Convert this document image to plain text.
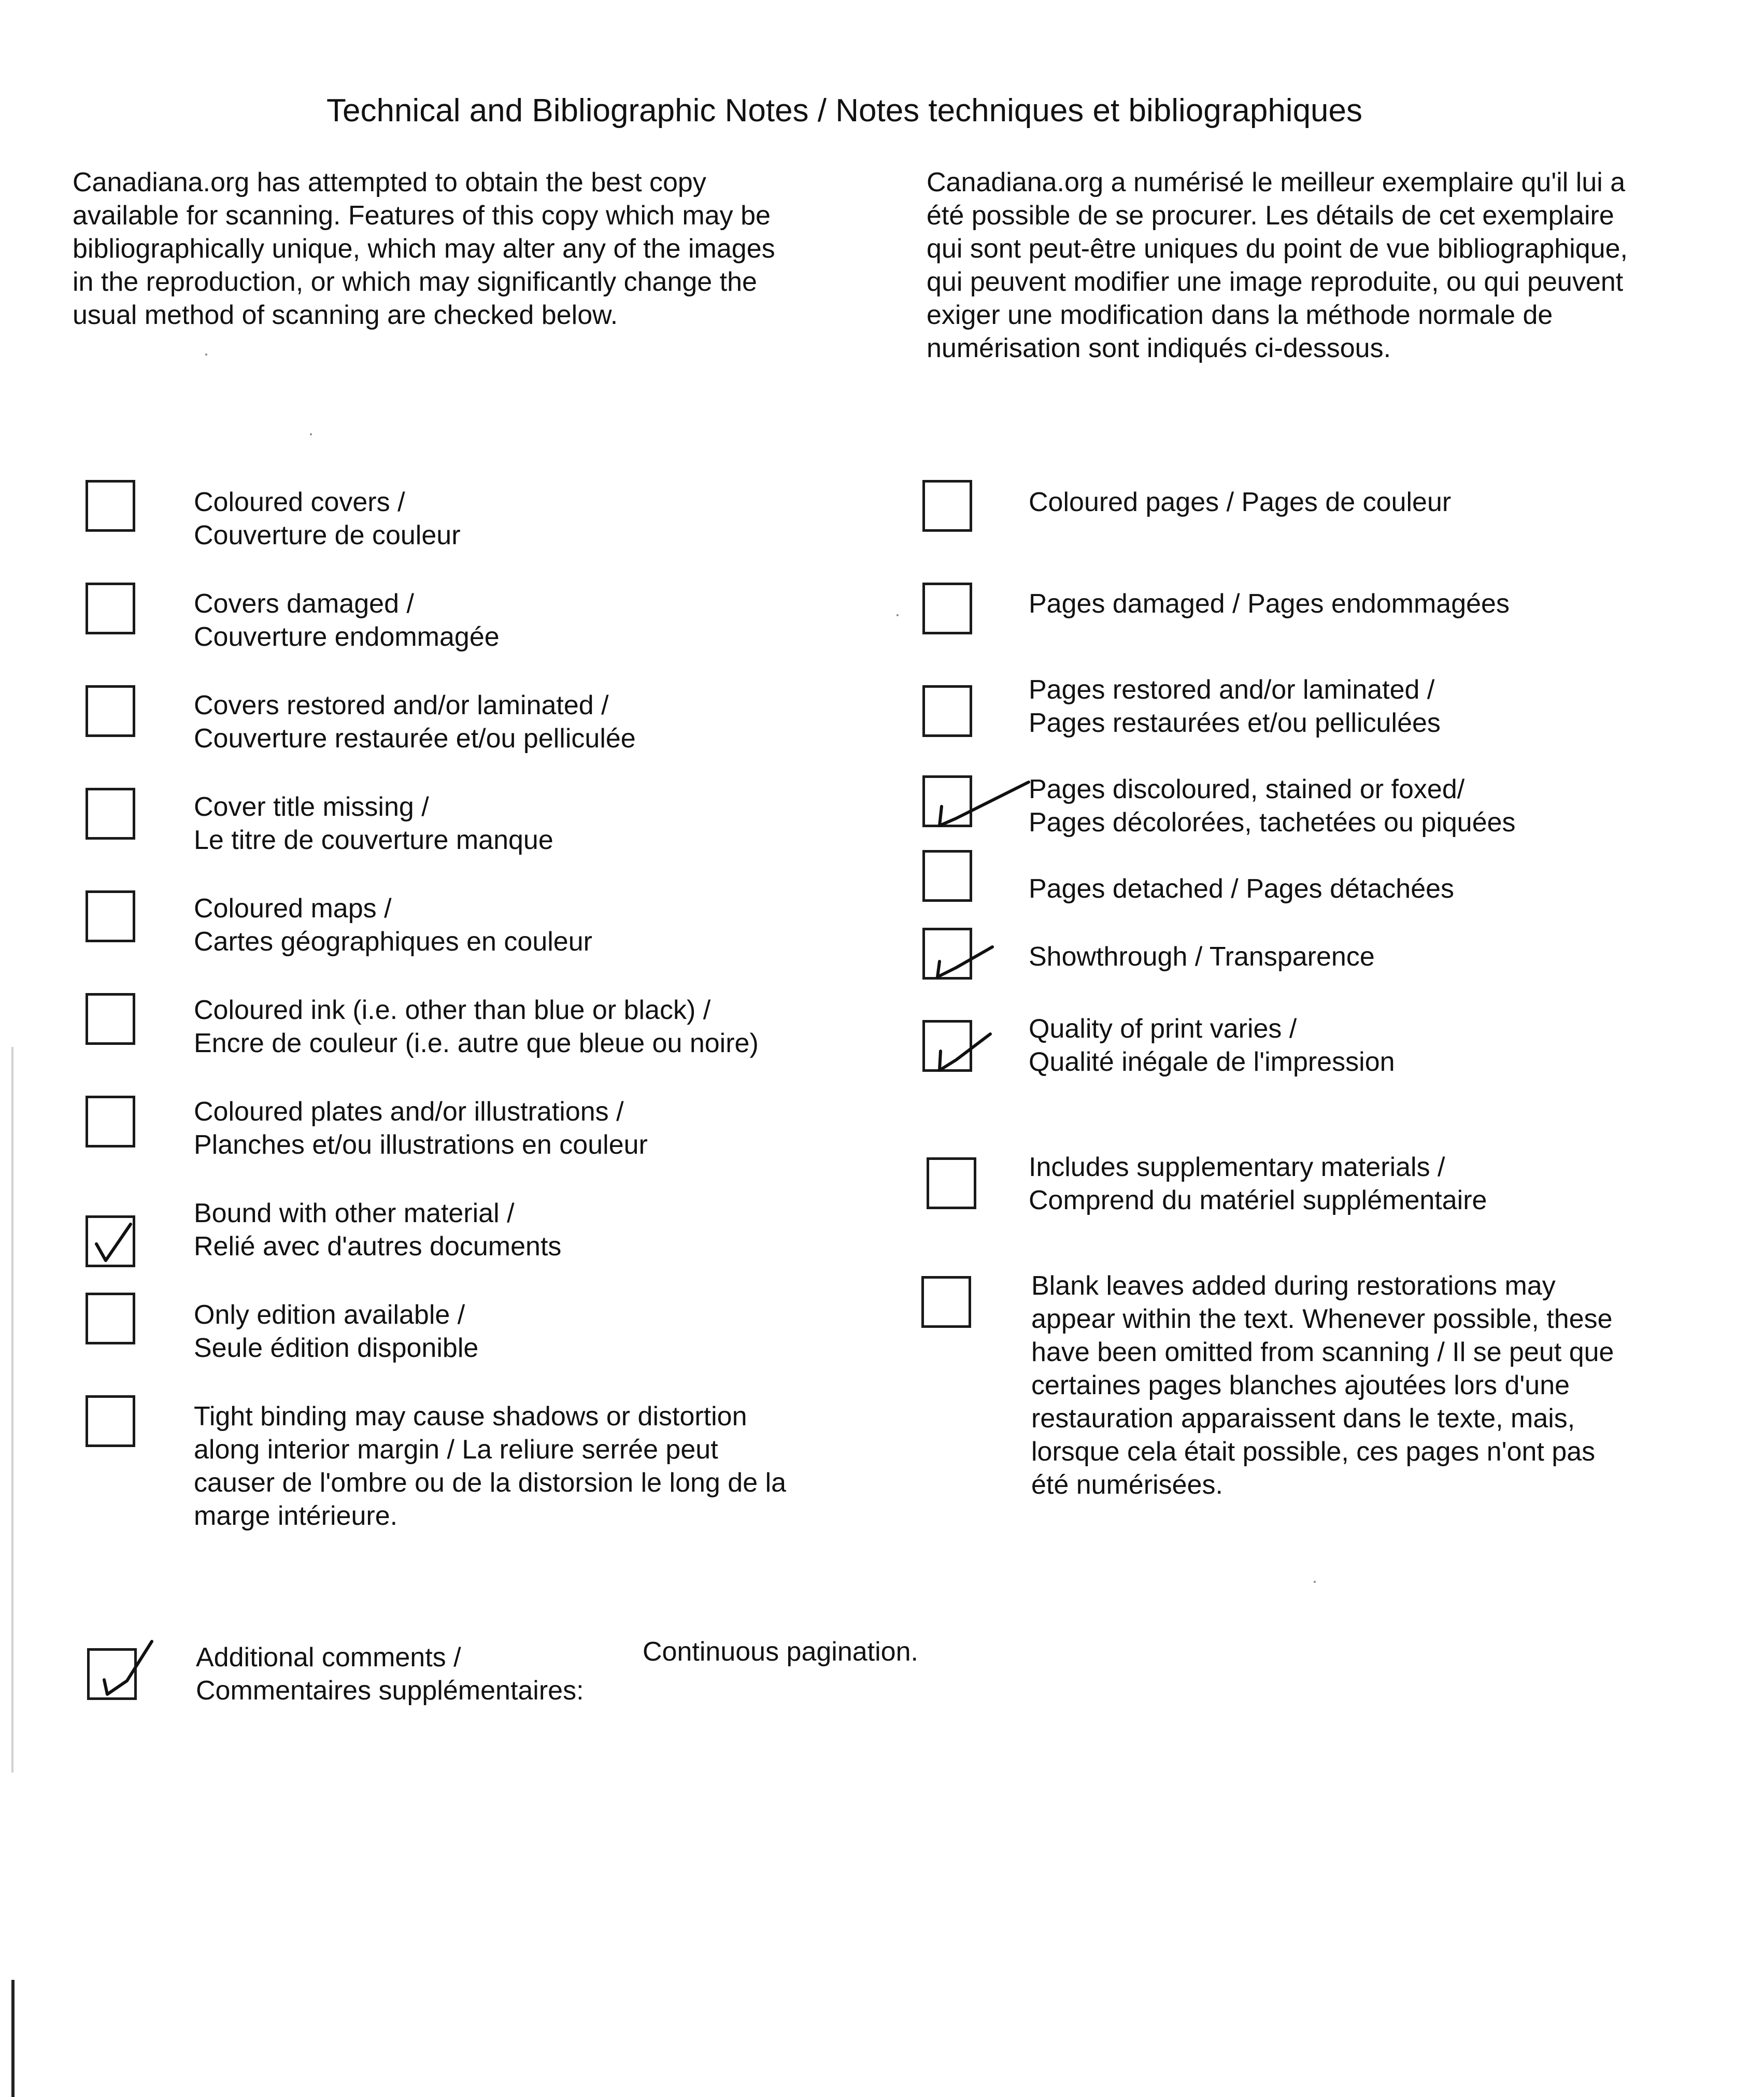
Technical and Bibliographic Notes / Notes techniques et bibliographiques
Canadiana.org has attempted to obtain the best copy
available for scanning. Features of this copy which may be
bibliographically unique, which may alter any of the images
in the reproduction, or which may significantly change the
usual method of scanning are checked below.
Canadiana.org a numérisé le meilleur exemplaire qu'il lui a
été possible de se procurer. Les détails de cet exemplaire
qui sont peut-être uniques du point de vue bibliographique,
qui peuvent modifier une image reproduite, ou qui peuvent
exiger une modification dans la méthode normale de
numérisation sont indiqués ci-dessous.
Coloured covers /
Couverture de couleur
Covers damaged /
Couverture endommagée
Covers restored and/or laminated /
Couverture restaurée et/ou pelliculée
Cover title missing /
Le titre de couverture manque
Coloured maps /
Cartes géographiques en couleur
Coloured ink (i.e. other than blue or black) /
Encre de couleur (i.e. autre que bleue ou noire)
Coloured plates and/or illustrations /
Planches et/ou illustrations en couleur
Bound with other material /
Relié avec d'autres documents
Only edition available /
Seule édition disponible
Tight binding may cause shadows or distortion
along interior margin / La reliure serrée peut
causer de l'ombre ou de la distorsion le long de la
marge intérieure.
Coloured pages / Pages de couleur
Pages damaged / Pages endommagées
Pages restored and/or laminated /
Pages restaurées et/ou pelliculées
Pages discoloured, stained or foxed/
Pages décolorées, tachetées ou piquées
Pages detached / Pages détachées
Showthrough / Transparence
Quality of print varies /
Qualité inégale de l'impression
Includes supplementary materials /
Comprend du matériel supplémentaire
Blank leaves added during restorations may
appear within the text. Whenever possible, these
have been omitted from scanning / Il se peut que
certaines pages blanches ajoutées lors d'une
restauration apparaissent dans le texte, mais,
lorsque cela était possible, ces pages n'ont pas
été numérisées.
Additional comments /
Commentaires supplémentaires:
Continuous pagination.
